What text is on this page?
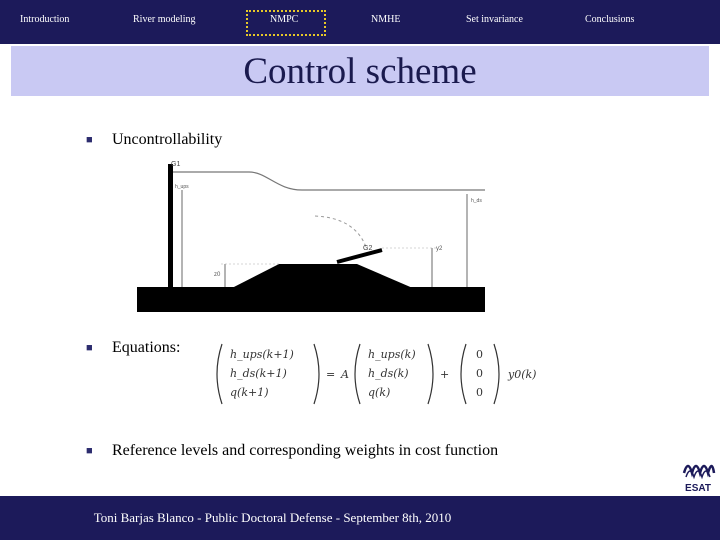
Introduction	River modeling	NMPC	NMHE	Set invariance	Conclusions
Control scheme
■	Uncontrollability
G1
G2
h_ups
h_ds
y2
z0
■	Equations:	h_ups(k+1)
h_ds(k+1)
q(k+1)
= A
h_ups(k)
h_ds(k)
q(k)
+
0
0
0
y0(k)
■	Reference levels and corresponding weights in cost function
ESAT
Toni Barjas Blanco - Public Doctoral Defense - September 8th, 2010
